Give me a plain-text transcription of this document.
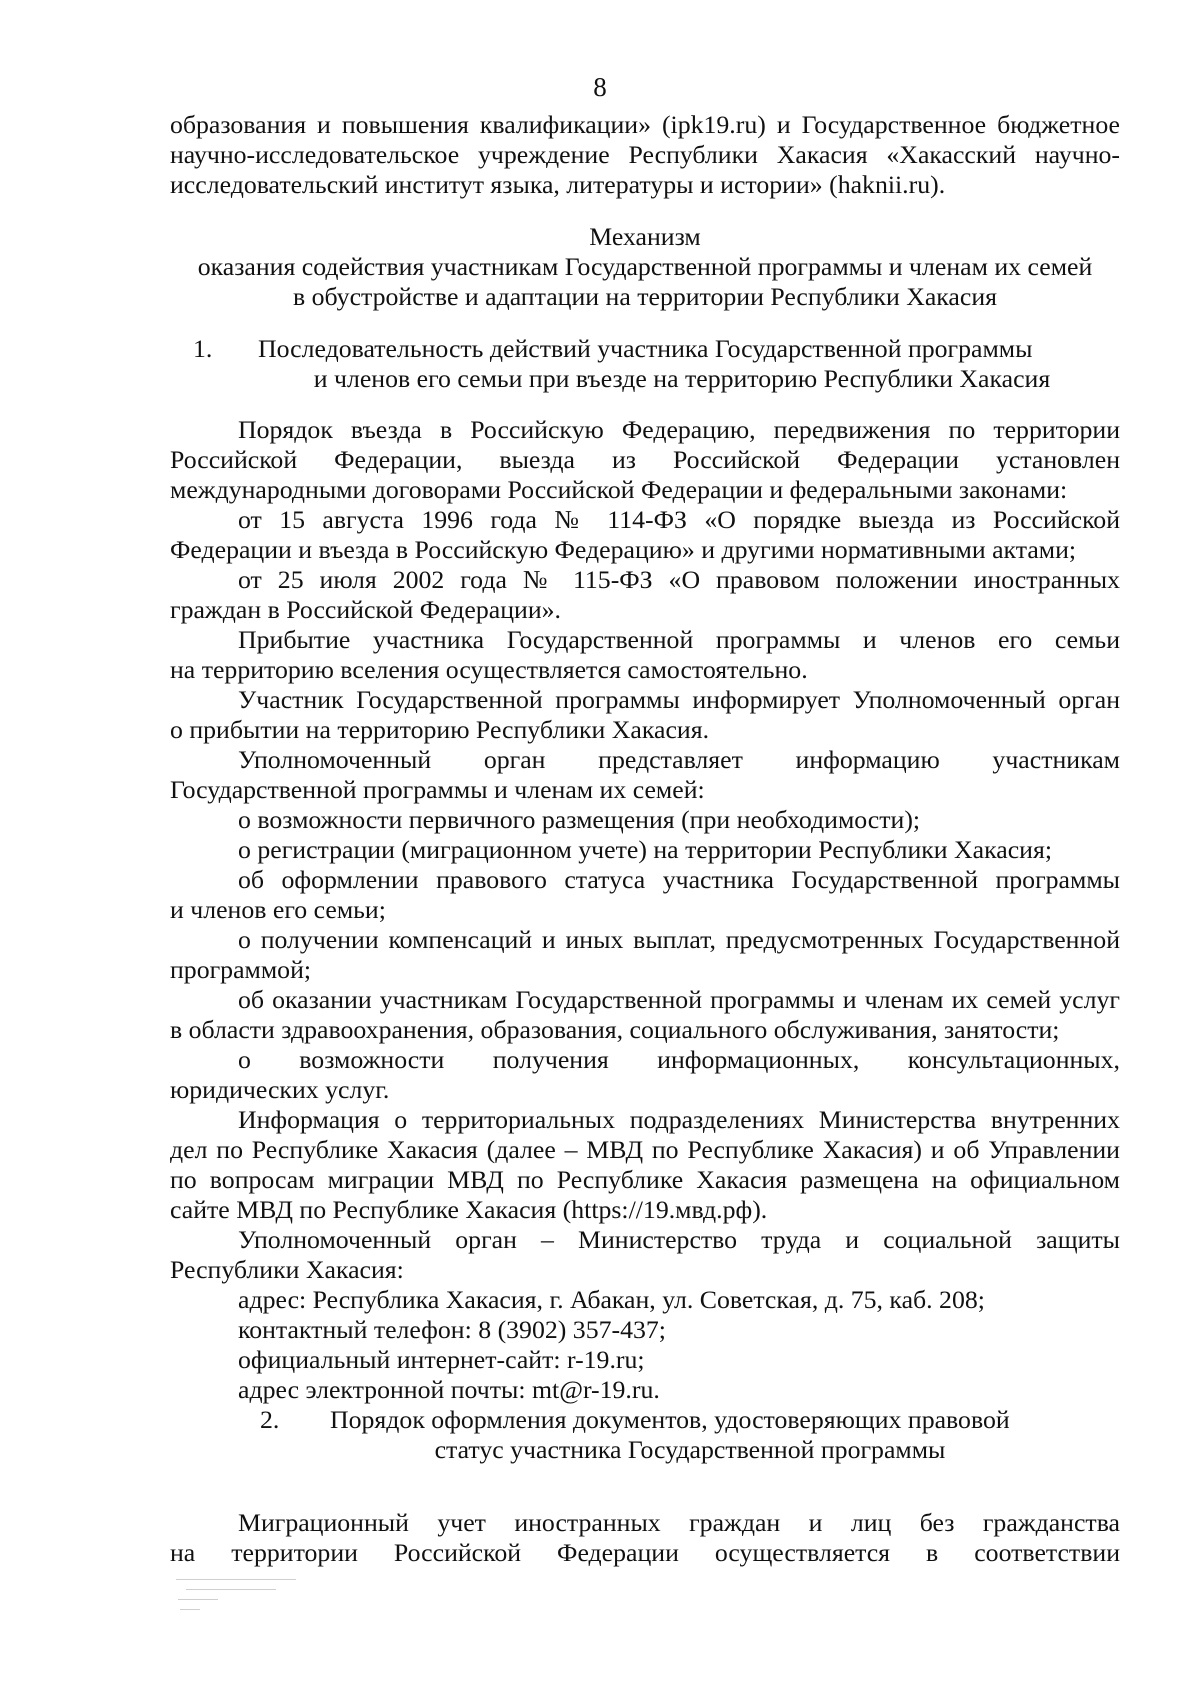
8
образования и повышения квалификации» (ipk19.ru) и Государственное бюджетное
научно-исследовательское учреждение Республики Хакасия «Хакасский научно-
исследовательский институт языка, литературы и истории» (haknii.ru).
Механизм
оказания содействия участникам Государственной программы и членам их семей
в обустройстве и адаптации на территории Республики Хакасия
1. Последовательность действий участника Государственной программы
и членов его семьи при въезде на территорию Республики Хакасия
Порядок въезда в Российскую Федерацию, передвижения по территории
Российской Федерации, выезда из Российской Федерации установлен
международными договорами Российской Федерации и федеральными законами:
от 15 августа 1996 года № 114-ФЗ «О порядке выезда из Российской
Федерации и въезда в Российскую Федерацию» и другими нормативными актами;
от 25 июля 2002 года № 115-ФЗ «О правовом положении иностранных
граждан в Российской Федерации».
Прибытие участника Государственной программы и членов его семьи
на территорию вселения осуществляется самостоятельно.
Участник Государственной программы информирует Уполномоченный орган
о прибытии на территорию Республики Хакасия.
Уполномоченный орган представляет информацию участникам
Государственной программы и членам их семей:
о возможности первичного размещения (при необходимости);
о регистрации (миграционном учете) на территории Республики Хакасия;
об оформлении правового статуса участника Государственной программы
и членов его семьи;
о получении компенсаций и иных выплат, предусмотренных Государственной
программой;
об оказании участникам Государственной программы и членам их семей услуг
в области здравоохранения, образования, социального обслуживания, занятости;
о возможности получения информационных, консультационных,
юридических услуг.
Информация о территориальных подразделениях Министерства внутренних
дел по Республике Хакасия (далее – МВД по Республике Хакасия) и об Управлении
по вопросам миграции МВД по Республике Хакасия размещена на официальном
сайте МВД по Республике Хакасия (https://19.мвд.рф).
Уполномоченный орган – Министерство труда и социальной защиты
Республики Хакасия:
адрес: Республика Хакасия, г. Абакан, ул. Советская, д. 75, каб. 208;
контактный телефон: 8 (3902) 357-437;
официальный интернет-сайт: r-19.ru;
адрес электронной почты: mt@r-19.ru.
2. Порядок оформления документов, удостоверяющих правовой
статус участника Государственной программы
Миграционный учет иностранных граждан и лиц без гражданства
на территории Российской Федерации осуществляется в соответствии
